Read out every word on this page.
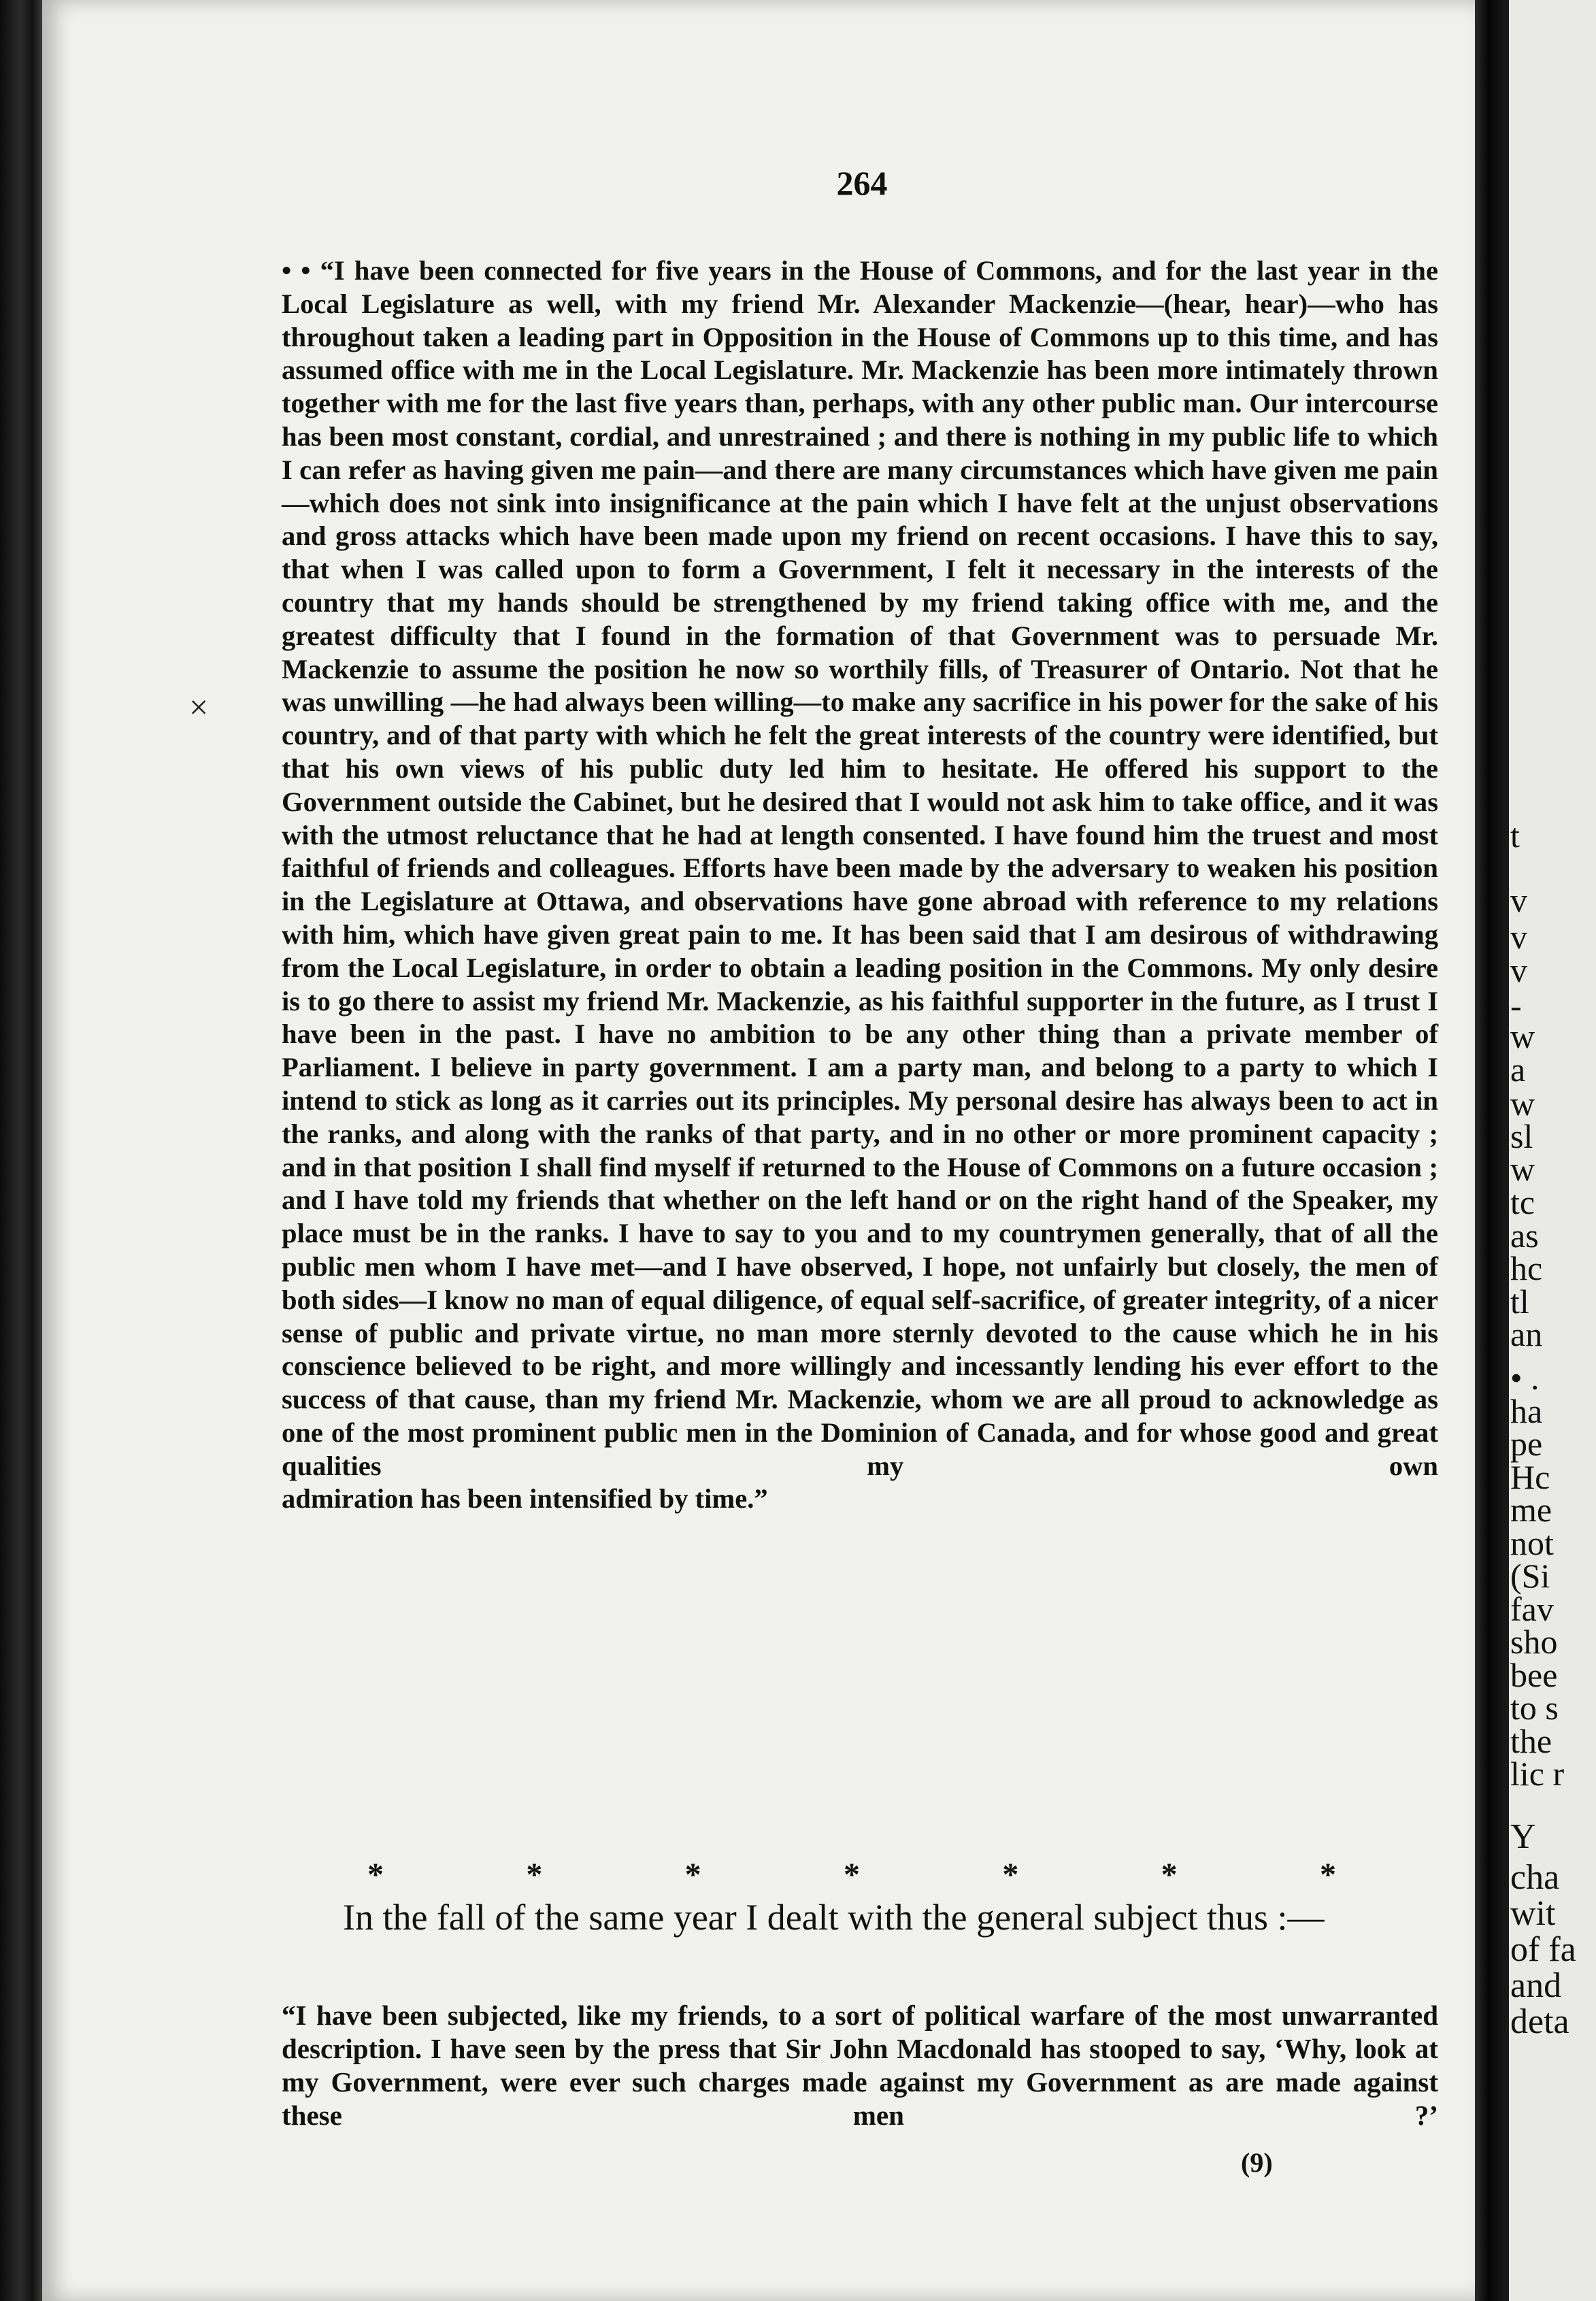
264

• • “I have been connected for five years in the House of Commons, and for the last year in the Local Legislature as well, with my friend Mr. Alexander Mackenzie—(hear, hear)—who has throughout taken a leading part in Opposition in the House of Commons up to this time, and has assumed office with me in the Local Legislature. Mr. Mackenzie has been more intimately thrown together with me for the last five years than, perhaps, with any other public man. Our intercourse has been most constant, cordial, and unrestrained ; and there is nothing in my public life to which I can refer as having given me pain—and there are many circumstances which have given me pain—which does not sink into insignificance at the pain which I have felt at the unjust observations and gross attacks which have been made upon my friend on recent occasions. I have this to say, that when I was called upon to form a Government, I felt it necessary in the interests of the country that my hands should be strengthened by my friend taking office with me, and the greatest difficulty that I found in the formation of that Government was to persuade Mr. Mackenzie to assume the position he now so worthily fills, of Treasurer of Ontario. Not that he was unwilling —he had always been willing—to make any sacrifice in his power for the sake of his country, and of that party with which he felt the great interests of the country were identified, but that his own views of his public duty led him to hesitate. He offered his support to the Government outside the Cabinet, but he desired that I would not ask him to take office, and it was with the utmost reluctance that he had at length consented. I have found him the truest and most faithful of friends and colleagues. Efforts have been made by the adversary to weaken his position in the Legislature at Ottawa, and observations have gone abroad with reference to my relations with him, which have given great pain to me. It has been said that I am desirous of withdrawing from the Local Legislature, in order to obtain a leading position in the Commons. My only desire is to go there to assist my friend Mr. Mackenzie, as his faithful supporter in the future, as I trust I have been in the past. I have no ambition to be any other thing than a private member of Parliament. I believe in party government. I am a party man, and belong to a party to which I intend to stick as long as it carries out its principles. My personal desire has always been to act in the ranks, and along with the ranks of that party, and in no other or more prominent capacity ; and in that position I shall find myself if returned to the House of Commons on a future occasion ; and I have told my friends that whether on the left hand or on the right hand of the Speaker, my place must be in the ranks. I have to say to you and to my countrymen generally, that of all the public men whom I have met—and I have observed, I hope, not unfairly but closely, the men of both sides—I know no man of equal diligence, of equal self-sacrifice, of greater integrity, of a nicer sense of public and private virtue, no man more sternly devoted to the cause which he in his conscience believed to be right, and more willingly and incessantly lending his ever effort to the success of that cause, than my friend Mr. Mackenzie, whom we are all proud to acknowledge as one of the most prominent public men in the Dominion of Canada, and for whose good and great qualities my own
admiration has been intensified by time.”

*	*	*	*	*	*	*

In the fall of the same year I dealt with the general subject thus :—

“I have been subjected, like my friends, to a sort of political warfare of the most unwarranted description. I have seen by the press that Sir John Macdonald has stooped to say, ‘Why, look at my Government, were ever such charges made against my Government as are made against these men ?’

(9)
×
t
v
v
v
-
w
a
w
sl
w
tc
as
hc
tl
an
• .
ha
pe
Hc
me
not
(Si
fav
sho
bee
to s
the
lic r
Y
cha
wit
of fa
and
deta
